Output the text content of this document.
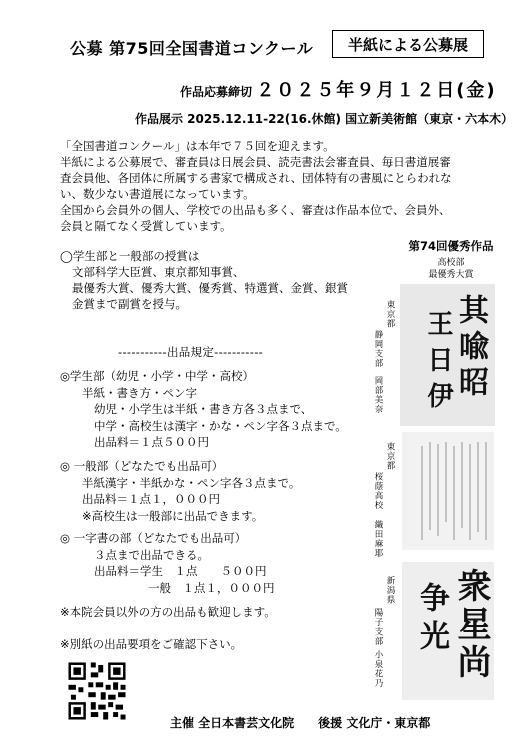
公募 第75回全国書道コンクール	半紙による公募展
作品応募締切 ２０２５年９月１２日(金)
作品展示 2025.12.11-22(16.休館) 国立新美術館（東京・六本木）

「全国書道コンクール」は本年で７５回を迎えます。

半紙による公募展で、審査員は日展会員、読売書法会審査員、毎日書道展審

査会員他、各団体に所属する書家で構成され、団体特有の書風にとらわれな

い、数少ない書道展になっています。

全国から会員外の個人、学校での出品も多く、審査は作品本位で、会員外、

会員と隔てなく受賞しています。

◯学生部と一般部の授賞は

文部科学大臣賞、東京都知事賞、

最優秀大賞、優秀大賞、優秀賞、特選賞、金賞、銀賞

金賞まで副賞を授与。

-----------出品規定-----------

◎学生部（幼児・小学・中学・高校）

半紙・書き方・ペン字

幼児・小学生は半紙・書き方各３点まで、

中学・高校生は漢字・かな・ペン字各３点まで。

出品料＝１点５００円

◎ 一般部（どなたでも出品可）

半紙漢字・半紙かな・ペン字各３点まで。

出品料＝１点１，０００円

※高校生は一般部に出品できます。

◎ 一字書の部（どなたでも出品可）

３点まで出品できる。

出品料＝学生　１点　　５００円

一般　１点１，０００円

※本院会員以外の方の出品も歓迎します。
※別紙の出品要項をご確認下さい。
主催 全日本書芸文化院　　後援 文化庁・東京都
第74回優秀作品
高校部
最優秀大賞
其喩昭
王日伊
東京都
静岡支部
岡部美奈
東京都
桜蔭高校
織田麻耶
衆星尚
争光
新潟県
陽子支部
小泉花乃
